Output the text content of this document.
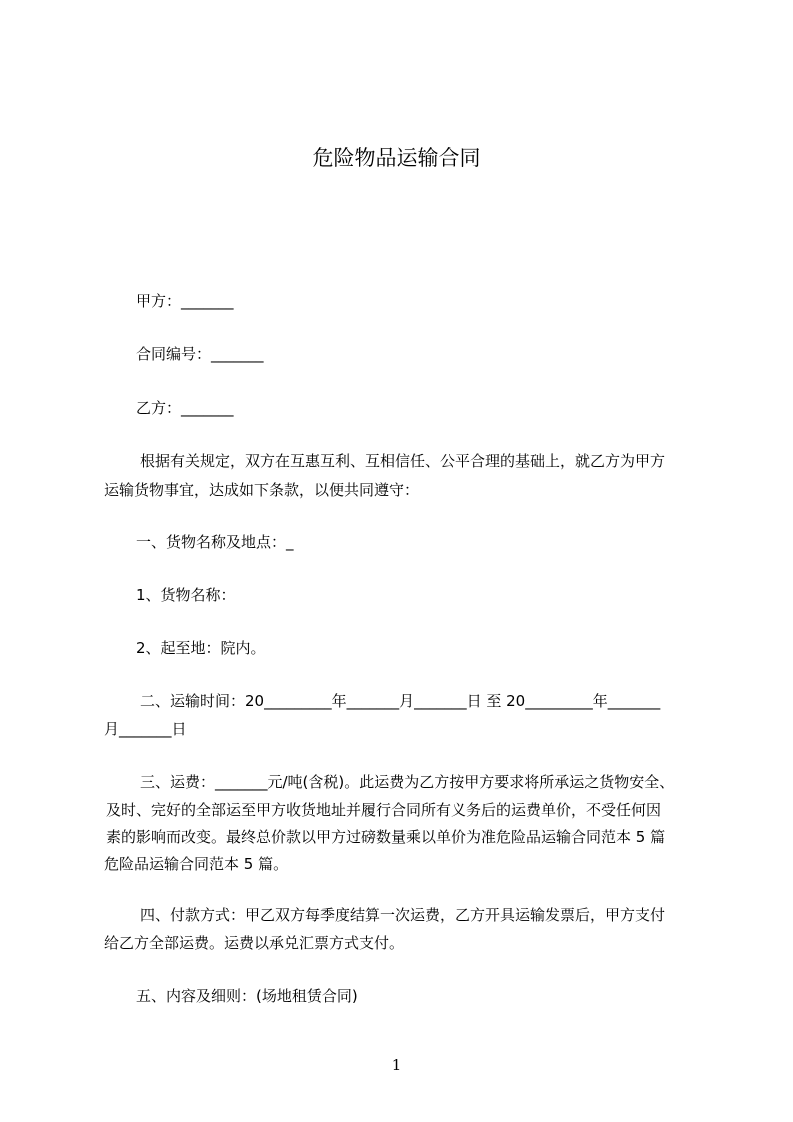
危险物品运输合同
甲方：_______
合同编号：_______
乙方：_______
根据有关规定，双方在互惠互利、互相信任、公平合理的基础上，就乙方为甲方
运输货物事宜，达成如下条款，以便共同遵守：
一、货物名称及地点：_
1、货物名称：
2、起至地：院内。
二、运输时间：20_________年_______月_______日 至 20_________年_______
月_______日
三、运费：_______元/吨(含税)。此运费为乙方按甲方要求将所承运之货物安全、
及时、完好的全部运至甲方收货地址并履行合同所有义务后的运费单价，不受任何因
素的影响而改变。最终总价款以甲方过磅数量乘以单价为准危险品运输合同范本 5 篇
危险品运输合同范本 5 篇。
四、付款方式：甲乙双方每季度结算一次运费，乙方开具运输发票后，甲方支付
给乙方全部运费。运费以承兑汇票方式支付。
五、内容及细则：(场地租赁合同)
1
